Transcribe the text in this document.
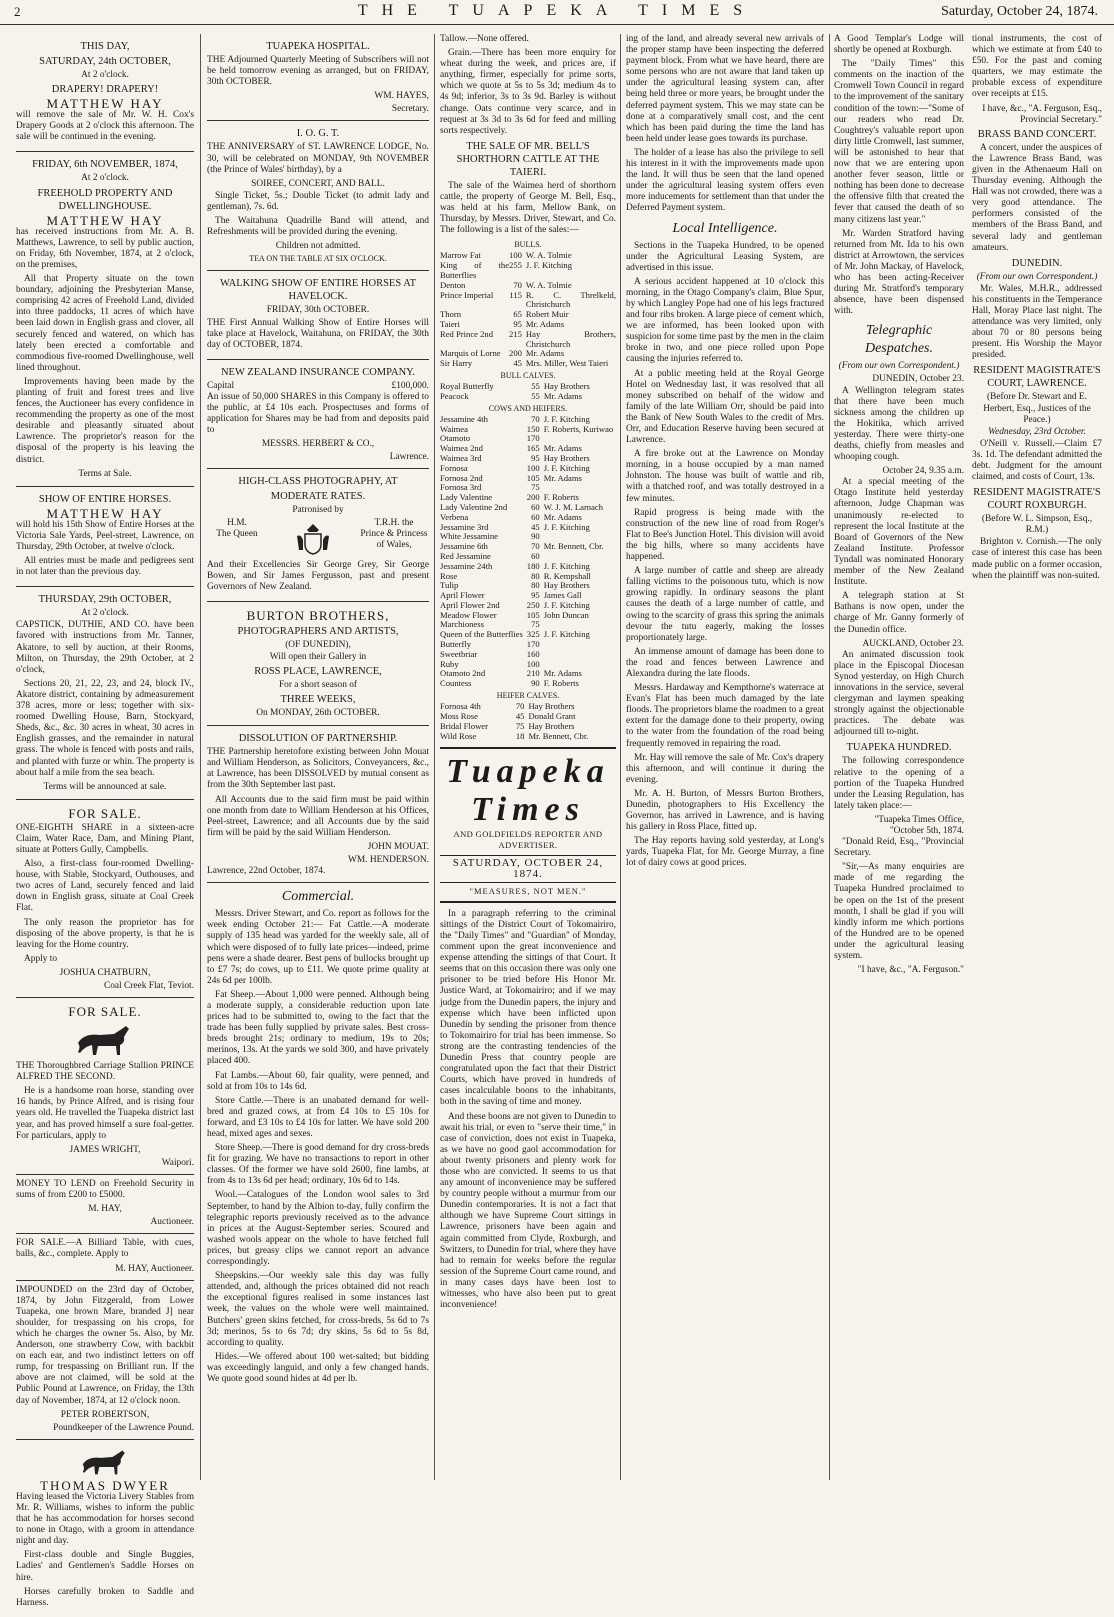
2	THE TUAPEKA TIMES	Saturday, October 24, 1874.
THIS DAY,
SATURDAY, 24th OCTOBER,
At 2 o'clock.
DRAPERY! DRAPERY!
MATTHEW HAY

will remove the sale of Mr. W. H. Cox's Drapery Goods at 2 o'clock this afternoon. The sale will be continued in the evening.

FRIDAY, 6th NOVEMBER, 1874,
At 2 o'clock.
FREEHOLD PROPERTY AND DWELLINGHOUSE.
MATTHEW HAY

has received instructions from Mr. A. B. Matthews, Lawrence, to sell by public auction, on Friday, 6th November, 1874, at 2 o'clock, on the premises,

All that Property situate on the town boundary, adjoining the Presbyterian Manse, comprising 42 acres of Freehold Land, divided into three paddocks, 11 acres of which have been laid down in English grass and clover, all securely fenced and watered, on which has lately been erected a comfortable and commodious five-roomed Dwellinghouse, well lined throughout.

Improvements having been made by the planting of fruit and forest trees and live fences, the Auctioneer has every confidence in recommending the property as one of the most desirable and pleasantly situated about Lawrence. The proprietor's reason for the disposal of the property is his leaving the district.

Terms at Sale.
SHOW OF ENTIRE HORSES.
MATTHEW HAY

will hold his 15th Show of Entire Horses at the Victoria Sale Yards, Peel-street, Lawrence, on Thursday, 29th October, at twelve o'clock.

All entries must be made and pedigrees sent in not later than the previous day.

THURSDAY, 29th OCTOBER,
At 2 o'clock.

CAPSTICK, DUTHIE, AND CO. have been favored with instructions from Mr. Tanner, Akatore, to sell by auction, at their Rooms, Milton, on Thursday, the 29th October, at 2 o'clock,

Sections 20, 21, 22, 23, and 24, block IV., Akatore district, containing by admeasurement 378 acres, more or less; together with six-roomed Dwelling House, Barn, Stockyard, Sheds, &c., &c. 30 acres in wheat, 30 acres in English grasses, and the remainder in natural grass. The whole is fenced with posts and rails, and planted with furze or whin. The property is about half a mile from the sea beach.

Terms will be announced at sale.
FOR SALE.

ONE-EIGHTH SHARE in a sixteen-acre Claim, Water Race, Dam, and Mining Plant, situate at Potters Gully, Campbells.

Also, a first-class four-roomed Dwelling-house, with Stable, Stockyard, Outhouses, and two acres of Land, securely fenced and laid down in English grass, situate at Coal Creek Flat.

The only reason the proprietor has for disposing of the above property, is that he is leaving for the Home country.

Apply to

JOSHUA CHATBURN,
Coal Creek Flat, Teviot.
FOR SALE.

THE Thoroughbred Carriage Stallion PRINCE ALFRED THE SECOND.

He is a handsome roan horse, standing over 16 hands, by Prince Alfred, and is rising four years old. He travelled the Tuapeka district last year, and has proved himself a sure foal-getter. For particulars, apply to

JAMES WRIGHT,
Waipori.

MONEY TO LEND on Freehold Security in sums of from £200 to £5000.

M. HAY,
Auctioneer.

FOR SALE.—A Billiard Table, with cues, balls, &c., complete. Apply to

M. HAY, Auctioneer.

IMPOUNDED on the 23rd day of October, 1874, by John Fitzgerald, from Lower Tuapeka, one brown Mare, branded J] near shoulder, for trespassing on his crops, for which he charges the owner 5s. Also, by Mr. Anderson, one strawberry Cow, with backbit on each ear, and two indistinct letters on off rump, for trespassing on Brilliant run. If the above are not claimed, will be sold at the Public Pound at Lawrence, on Friday, the 13th day of November, 1874, at 12 o'clock noon.

PETER ROBERTSON,
Poundkeeper of the Lawrence Pound.
THOMAS DWYER

Having leased the Victoria Livery Stables from Mr. R. Williams, wishes to inform the public that he has accommodation for horses second to none in Otago, with a groom in attendance night and day.

First-class double and Single Buggies, Ladies' and Gentlemen's Saddle Horses on hire.

Horses carefully broken to Saddle and Harness.

TUAPEKA HOSPITAL.

THE Adjourned Quarterly Meeting of Subscribers will not be held tomorrow evening as arranged, but on FRIDAY, 30th OCTOBER.

WM. HAYES,
Secretary.
I. O. G. T.

THE ANNIVERSARY of ST. LAWRENCE LODGE, No. 30, will be celebrated on MONDAY, 9th NOVEMBER (the Prince of Wales' birthday), by a

SOIREE, CONCERT, AND BALL.

Single Ticket, 5s.; Double Ticket (to admit lady and gentleman), 7s. 6d.

The Waitahuna Quadrille Band will attend, and Refreshments will be provided during the evening.

Children not admitted.
TEA ON THE TABLE AT SIX O'CLOCK.
WALKING SHOW OF ENTIRE HORSES AT HAVELOCK.
FRIDAY, 30th OCTOBER.

THE First Annual Walking Show of Entire Horses will take place at Havelock, Waitahuna, on FRIDAY, the 30th day of OCTOBER, 1874.

NEW ZEALAND INSURANCE COMPANY.
Capital	£100,000.

An issue of 50,000 SHARES in this Company is offered to the public, at £4 10s each. Prospectuses and forms of application for Shares may be had from and deposits paid to

MESSRS. HERBERT & CO.,
Lawrence.
HIGH-CLASS PHOTOGRAPHY, AT
MODERATE RATES.
Patronised by
H.M.
The Queen
T.R.H. the
Prince & Princess
of Wales,

And their Excellencies Sir George Grey, Sir George Bowen, and Sir James Fergusson, past and present Governors of New Zealand.

BURTON BROTHERS,
PHOTOGRAPHERS AND ARTISTS,
(OF DUNEDIN),
Will open their Gallery in
ROSS PLACE, LAWRENCE,
For a short season of
THREE WEEKS,
On MONDAY, 26th OCTOBER.
DISSOLUTION OF PARTNERSHIP.

THE Partnership heretofore existing between John Mouat and William Henderson, as Solicitors, Conveyancers, &c., at Lawrence, has been DISSOLVED by mutual consent as from the 30th September last past.

All Accounts due to the said firm must be paid within one month from date to William Henderson at his Offices, Peel-street, Lawrence; and all Accounts due by the said firm will be paid by the said William Henderson.

JOHN MOUAT.
WM. HENDERSON.
Lawrence, 22nd October, 1874.
Commercial.

Messrs. Driver Stewart, and Co. report as follows for the week ending October 21:— Fat Cattle.—A moderate supply of 135 head was yarded for the weekly sale, all of which were disposed of to fully late prices—indeed, prime pens were a shade dearer. Best pens of bullocks brought up to £7 7s; do cows, up to £11. We quote prime quality at 24s 6d per 100lb.

Fat Sheep.—About 1,000 were penned. Although being a moderate supply, a considerable reduction upon late prices had to be submitted to, owing to the fact that the trade has been fully supplied by private sales. Best cross-breds brought 21s; ordinary to medium, 19s to 20s; merinos, 13s. At the yards we sold 300, and have privately placed 400.

Fat Lambs.—About 60, fair quality, were penned, and sold at from 10s to 14s 6d.

Store Cattle.—There is an unabated demand for well-bred and grazed cows, at from £4 10s to £5 10s for forward, and £3 10s to £4 10s for latter. We have sold 200 head, mixed ages and sexes.

Store Sheep.—There is good demand for dry cross-breds fit for grazing. We have no transactions to report in other classes. Of the former we have sold 2600, fine lambs, at from 4s to 13s 6d per head; ordinary, 10s 6d to 14s.

Wool.—Catalogues of the London wool sales to 3rd September, to hand by the Albion to-day, fully confirm the telegraphic reports previously received as to the advance in prices at the August-September series. Scoured and washed wools appear on the whole to have fetched full prices, but greasy clips we cannot report an advance correspondingly.

Sheepskins.—Our weekly sale this day was fully attended, and, although the prices obtained did not reach the exceptional figures realised in some instances last week, the values on the whole were well maintained. Butchers' green skins fetched, for cross-breds, 5s 6d to 7s 3d; merinos, 5s to 6s 7d; dry skins, 5s 6d to 5s 8d, according to quality.

Hides.—We offered about 100 wet-salted; but bidding was exceedingly languid, and only a few changed hands. We quote good sound hides at 4d per lb.

Tallow.—None offered.

Grain.—There has been more enquiry for wheat during the week, and prices are, if anything, firmer, especially for prime sorts, which we quote at 5s to 5s 3d; medium 4s to 4s 9d; inferior, 3s to 3s 9d. Barley is without change. Oats continue very scarce, and in request at 3s 3d to 3s 6d for feed and milling sorts respectively.

THE SALE OF MR. BELL'S SHORTHORN CATTLE AT THE TAIERI.

The sale of the Waimea herd of shorthorn cattle, the property of George M. Bell, Esq., was held at his farm, Mellow Bank, on Thursday, by Messrs. Driver, Stewart, and Co. The following is a list of the sales:—

BULLS.
Marrow Fat	100	W. A. Tolmie
King of the Butterflies	255	J. F. Kitching
Denton	70	W. A. Tolmie
Prince Imperial	115	R. C. Threlkeld, Christchurch
Thorn	65	Robert Muir
Taieri	95	Mr. Adams
Red Prince 2nd	215	Hay Brothers, Christchurch
Marquis of Lorne	200	Mr. Adams
Sir Harry	45	Mrs. Miller, West Taieri
BULL CALVES.
Royal Butterfly	55	Hay Brothers
Peacock	55	Mr. Adams
COWS AND HEIFERS.
Jessamine 4th	70	J. F. Kitching
Waimea	150	F. Roberts, Kuriwao
Otamoto	170	
Waimea 2nd	165	Mr. Adams
Waimea 3rd	95	Hay Brothers
Fornosa	100	J. F. Kitching
Fornosa 2nd	105	Mr. Adams
Fornosa 3rd	75	
Lady Valentine	200	F. Roberts
Lady Valentine 2nd	60	W. J. M. Larnach
Verbena	60	Mr. Adams
Jessamine 3rd	45	J. F. Kitching
White Jessamine	90	
Jessamine 6th	70	Mr. Bennett, Cbr.
Red Jessamine	60	
Jessamine 24th	180	J. F. Kitching
Rose	80	R. Kempshall
Tulip	80	Hay Brothers
April Flower	95	James Gall
April Flower 2nd	250	J. F. Kitching
Meadow Flower	105	John Duncan
Marchioness	75	
Queen of the Butterflies	325	J. F. Kitching
Butterfly	170	
Sweetbriar	160	
Ruby	100	
Otamoto 2nd	210	Mr. Adams
Countess	90	F. Roberts
HEIFER CALVES.
Fornosa 4th	70	Hay Brothers
Moss Rose	45	Donald Grant
Bridal Flower	75	Hay Brothers
Wild Rose	18	Mr. Bennett, Cbr.
Tuapeka Times
AND GOLDFIELDS REPORTER AND ADVERTISER.
SATURDAY, OCTOBER 24, 1874.
"MEASURES, NOT MEN."

In a paragraph referring to the criminal sittings of the District Court of Tokomairiro, the "Daily Times" and "Guardian" of Monday, comment upon the great inconvenience and expense attending the sittings of that Court. It seems that on this occasion there was only one prisoner to be tried before His Honor Mr. Justice Ward, at Tokomairiro; and if we may judge from the Dunedin papers, the injury and expense which have been inflicted upon Dunedin by sending the prisoner from thence to Tokomairiro for trial has been immense. So strong are the contrasting tendencies of the Dunedin Press that country people are congratulated upon the fact that their District Courts, which have proved in hundreds of cases incalculable boons to the inhabitants, both in the saving of time and money.

And these boons are not given to Dunedin to await his trial, or even to "serve their time," in case of conviction, does not exist in Tuapeka, as we have no good gaol accommodation for about twenty prisoners and plenty work for those who are convicted. It seems to us that any amount of inconvenience may be suffered by country people without a murmur from our Dunedin contemporaries. It is not a fact that although we have Supreme Court sittings in Lawrence, prisoners have been again and again committed from Clyde, Roxburgh, and Switzers, to Dunedin for trial, where they have had to remain for weeks before the regular session of the Supreme Court came round, and in many cases days have been lost to witnesses, who have also been put to great inconvenience!

ing of the land, and already several new arrivals of the proper stamp have been inspecting the deferred payment block. From what we have heard, there are some persons who are not aware that land taken up under the agricultural leasing system can, after being held three or more years, be brought under the deferred payment system. This we may state can be done at a comparatively small cost, and the cent which has been paid during the time the land has been held under lease goes towards its purchase.

The holder of a lease has also the privilege to sell his interest in it with the improvements made upon the land. It will thus be seen that the land opened under the agricultural leasing system offers even more inducements for settlement than that under the Deferred Payment system.

Local Intelligence.

Sections in the Tuapeka Hundred, to be opened under the Agricultural Leasing System, are advertised in this issue.

A serious accident happened at 10 o'clock this morning, in the Otago Company's claim, Blue Spur, by which Langley Pope had one of his legs fractured and four ribs broken. A large piece of cement which, we are informed, has been looked upon with suspicion for some time past by the men in the claim broke in two, and one piece rolled upon Pope causing the injuries referred to.

At a public meeting held at the Royal George Hotel on Wednesday last, it was resolved that all money subscribed on behalf of the widow and family of the late William Orr, should be paid into the Bank of New South Wales to the credit of Mrs. Orr, and Education Reserve having been secured at Lawrence.

A fire broke out at the Lawrence on Monday morning, in a house occupied by a man named Johnston. The house was built of wattle and rib, with a thatched roof, and was totally destroyed in a few minutes.

Rapid progress is being made with the construction of the new line of road from Roger's Flat to Bee's Junction Hotel. This division will avoid the big hills, where so many accidents have happened.

A large number of cattle and sheep are already falling victims to the poisonous tutu, which is now growing rapidly. In ordinary seasons the plant causes the death of a large number of cattle, and owing to the scarcity of grass this spring the animals devour the tutu eagerly, making the losses proportionately large.

An immense amount of damage has been done to the road and fences between Lawrence and Alexandra during the late floods.

Messrs. Hardaway and Kempthorne's waterrace at Evan's Flat has been much damaged by the late floods. The proprietors blame the roadmen to a great extent for the damage done to their property, owing to the water from the foundation of the road being frequently removed in repairing the road.

Mr. Hay will remove the sale of Mr. Cox's drapery this afternoon, and will continue it during the evening.

Mr. A. H. Burton, of Messrs Burton Brothers, Dunedin, photographers to His Excellency the Governor, has arrived in Lawrence, and is having his gallery in Ross Place, fitted up.

The Hay reports having sold yesterday, at Long's yards, Tuapeka Flat, for Mr. George Murray, a fine lot of dairy cows at good prices.

A Good Templar's Lodge will shortly be opened at Roxburgh.

The "Daily Times" this comments on the inaction of the Cromwell Town Council in regard to the improvement of the sanitary condition of the town:—"Some of our readers who read Dr. Coughtrey's valuable report upon dirty little Cromwell, last summer, will be astonished to hear that now that we are entering upon another fever season, little or nothing has been done to decrease the offensive filth that created the fever that caused the death of so many citizens last year."

Mr. Warden Stratford having returned from Mt. Ida to his own district at Arrowtown, the services of Mr. John Mackay, of Havelock, who has been acting-Receiver during Mr. Stratford's temporary absence, have been dispensed with.

Telegraphic Despatches.
(From our own Correspondent.)
DUNEDIN, October 23.

A Wellington telegram states that there have been much sickness among the children up the Hokitika, which arrived yesterday. There were thirty-one deaths, chiefly from measles and whooping cough.

October 24, 9.35 a.m.

At a special meeting of the Otago Institute held yesterday afternoon, Judge Chapman was unanimously re-elected to represent the local Institute at the Board of Governors of the New Zealand Institute. Professor Tyndall was nominated Honorary member of the New Zealand Institute.

A telegraph station at St Bathans is now open, under the charge of Mr. Ganny formerly of the Dunedin office.

AUCKLAND, October 23.

An animated discussion took place in the Episcopal Diocesan Synod yesterday, on High Church innovations in the service, several clergyman and laymen speaking strongly against the objectionable practices. The debate was adjourned till to-night.

TUAPEKA HUNDRED.

The following correspondence relative to the opening of a portion of the Tuapeka Hundred under the Leasing Regulation, has lately taken place:—

"Tuapeka Times Office, "October 5th, 1874.

"Donald Reid, Esq., "Provincial Secretary.

"Sir,—As many enquiries are made of me regarding the Tuapeka Hundred proclaimed to be open on the 1st of the present month, I shall be glad if you will kindly inform me which portions of the Hundred are to be opened under the agricultural leasing system.

"I have, &c., "A. Ferguson."

tional instruments, the cost of which we estimate at from £40 to £50. For the past and coming quarters, we may estimate the probable excess of expenditure over receipts at £15.

I have, &c., "A. Ferguson, Esq., Provincial Secretary."

BRASS BAND CONCERT.

A concert, under the auspices of the Lawrence Brass Band, was given in the Athenaeum Hall on Thursday evening. Although the Hall was not crowded, there was a very good attendance. The performers consisted of the members of the Brass Band, and several lady and gentleman amateurs.

DUNEDIN.
(From our own Correspondent.)

Mr. Wales, M.H.R., addressed his constituents in the Temperance Hall, Moray Place last night. The attendance was very limited, only about 70 or 80 persons being present. His Worship the Mayor presided.

RESIDENT MAGISTRATE'S COURT, LAWRENCE.
(Before Dr. Stewart and E. Herbert, Esq., Justices of the Peace.)
Wednesday, 23rd October.

O'Neill v. Russell.—Claim £7 3s. 1d. The defendant admitted the debt. Judgment for the amount claimed, and costs of Court, 13s.

RESIDENT MAGISTRATE'S COURT ROXBURGH.
(Before W. L. Simpson, Esq., R.M.)

Brighton v. Cornish.—The only case of interest this case has been made public on a former occasion, when the plaintiff was non-suited.
